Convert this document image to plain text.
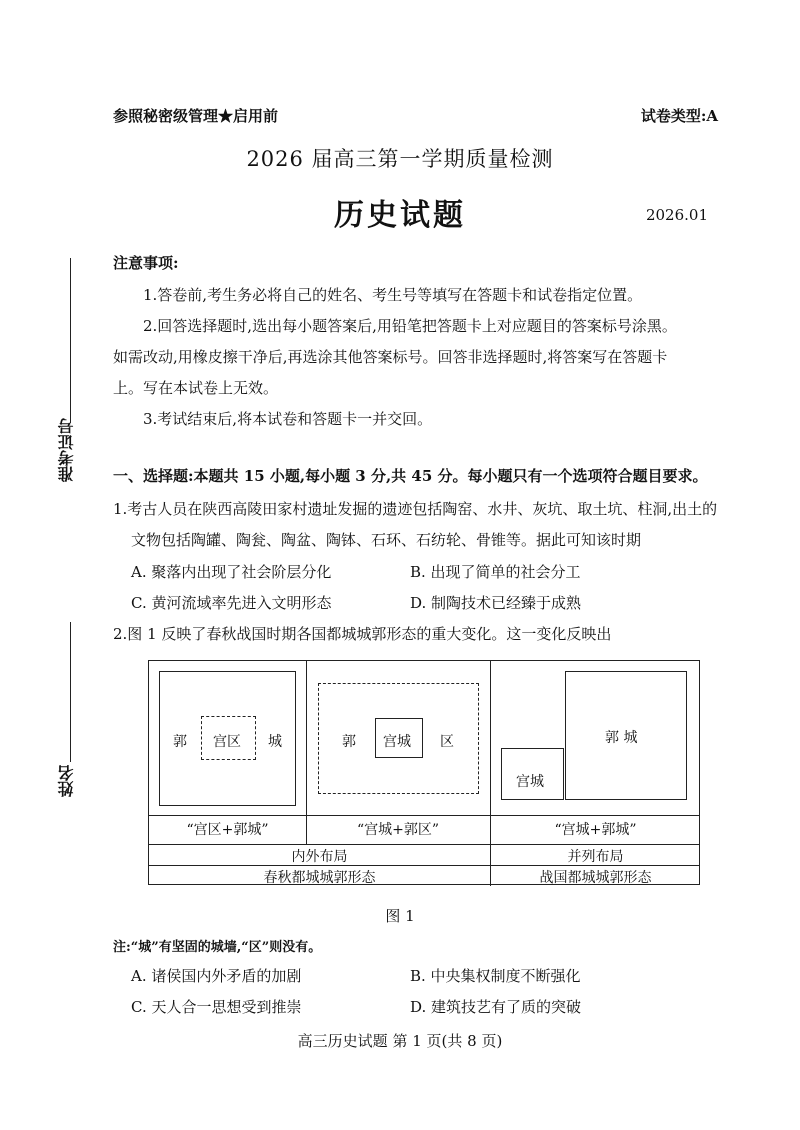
参照秘密级管理★启用前	试卷类型:A
2026 届高三第一学期质量检测
历史试题	2026.01
准考证号
姓名
注意事项:
1.答卷前,考生务必将自己的姓名、考生号等填写在答题卡和试卷指定位置。
2.回答选择题时,选出每小题答案后,用铅笔把答题卡上对应题目的答案标号涂黑。
如需改动,用橡皮擦干净后,再选涂其他答案标号。回答非选择题时,将答案写在答题卡
上。写在本试卷上无效。
3.考试结束后,将本试卷和答题卡一并交回。
一、选择题:本题共 15 小题,每小题 3 分,共 45 分。每小题只有一个选项符合题目要求。
1.考古人员在陕西高陵田家村遗址发掘的遗迹包括陶窑、水井、灰坑、取土坑、柱洞,出土的
文物包括陶罐、陶瓮、陶盆、陶钵、石环、石纺轮、骨锥等。据此可知该时期
A. 聚落内出现了社会阶层分化	B. 出现了简单的社会分工
C. 黄河流域率先进入文明形态	D. 制陶技术已经臻于成熟
2.图 1 反映了春秋战国时期各国都城城郭形态的重大变化。这一变化反映出
郭 宫区 城	郭 宫城 区	郭 城
宫城
“宫区+郭城”	“宫城+郭区”	“宫城+郭城”
内外布局	并列布局
春秋都城城郭形态	战国都城城郭形态
图 1
注:“城”有坚固的城墙,“区”则没有。
A. 诸侯国内外矛盾的加剧	B. 中央集权制度不断强化
C. 天人合一思想受到推崇	D. 建筑技艺有了质的突破
高三历史试题 第 1 页(共 8 页)
